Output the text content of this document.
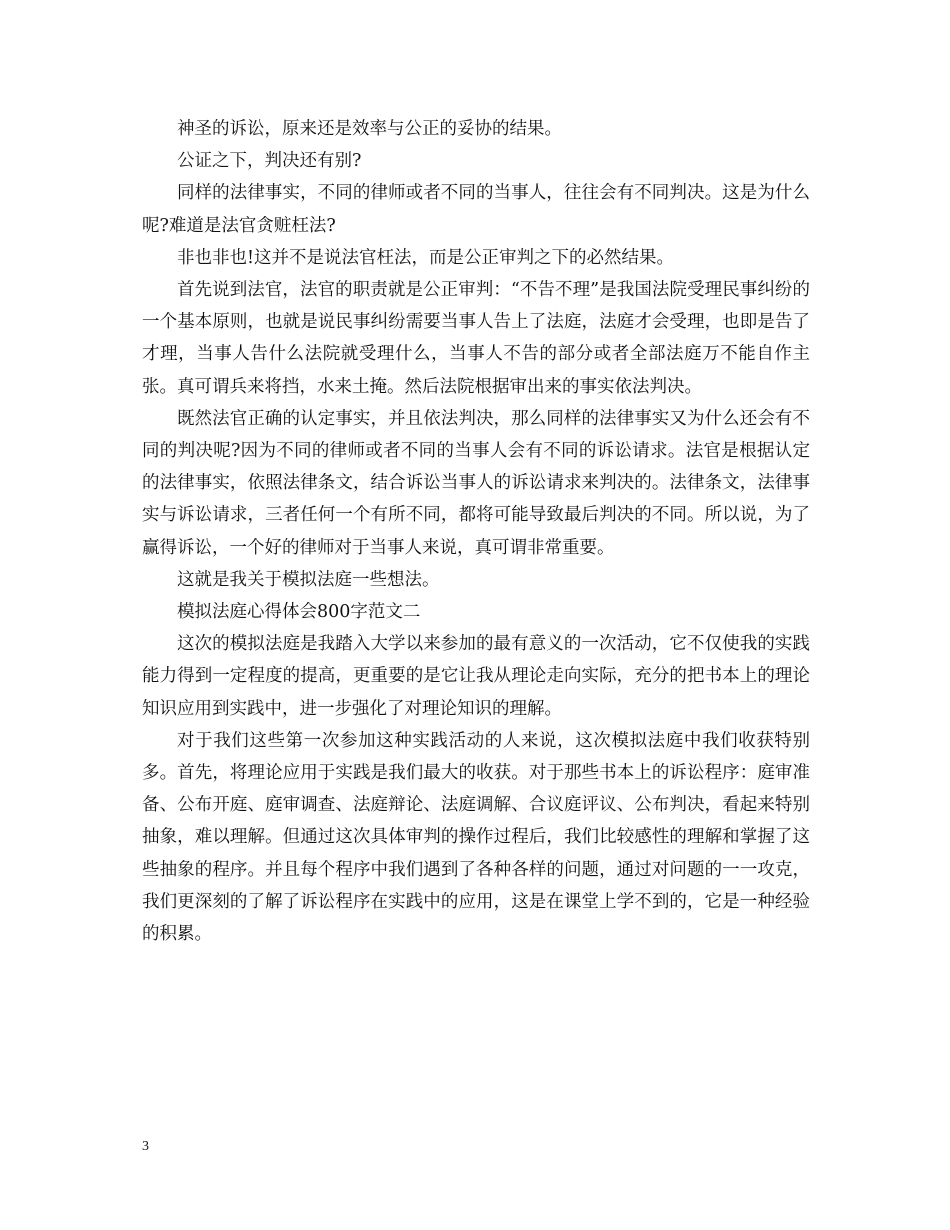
神圣的诉讼，原来还是效率与公正的妥协的结果。

公证之下，判决还有别?

同样的法律事实，不同的律师或者不同的当事人，往往会有不同判决。这是为什么呢?难道是法官贪赃枉法?

非也非也!这并不是说法官枉法，而是公正审判之下的必然结果。

首先说到法官，法官的职责就是公正审判：“不告不理”是我国法院受理民事纠纷的一个基本原则，也就是说民事纠纷需要当事人告上了法庭，法庭才会受理，也即是告了才理，当事人告什么法院就受理什么，当事人不告的部分或者全部法庭万不能自作主张。真可谓兵来将挡，水来土掩。然后法院根据审出来的事实依法判决。

既然法官正确的认定事实，并且依法判决，那么同样的法律事实又为什么还会有不同的判决呢?因为不同的律师或者不同的当事人会有不同的诉讼请求。法官是根据认定的法律事实，依照法律条文，结合诉讼当事人的诉讼请求来判决的。法律条文，法律事实与诉讼请求，三者任何一个有所不同，都将可能导致最后判决的不同。所以说，为了赢得诉讼，一个好的律师对于当事人来说，真可谓非常重要。

这就是我关于模拟法庭一些想法。

模拟法庭心得体会800字范文二

这次的模拟法庭是我踏入大学以来参加的最有意义的一次活动，它不仅使我的实践能力得到一定程度的提高，更重要的是它让我从理论走向实际，充分的把书本上的理论知识应用到实践中，进一步强化了对理论知识的理解。

对于我们这些第一次参加这种实践活动的人来说，这次模拟法庭中我们收获特别多。首先，将理论应用于实践是我们最大的收获。对于那些书本上的诉讼程序：庭审准备、公布开庭、庭审调查、法庭辩论、法庭调解、合议庭评议、公布判决，看起来特别抽象，难以理解。但通过这次具体审判的操作过程后，我们比较感性的理解和掌握了这些抽象的程序。并且每个程序中我们遇到了各种各样的问题，通过对问题的一一攻克，我们更深刻的了解了诉讼程序在实践中的应用，这是在课堂上学不到的，它是一种经验的积累。

3
